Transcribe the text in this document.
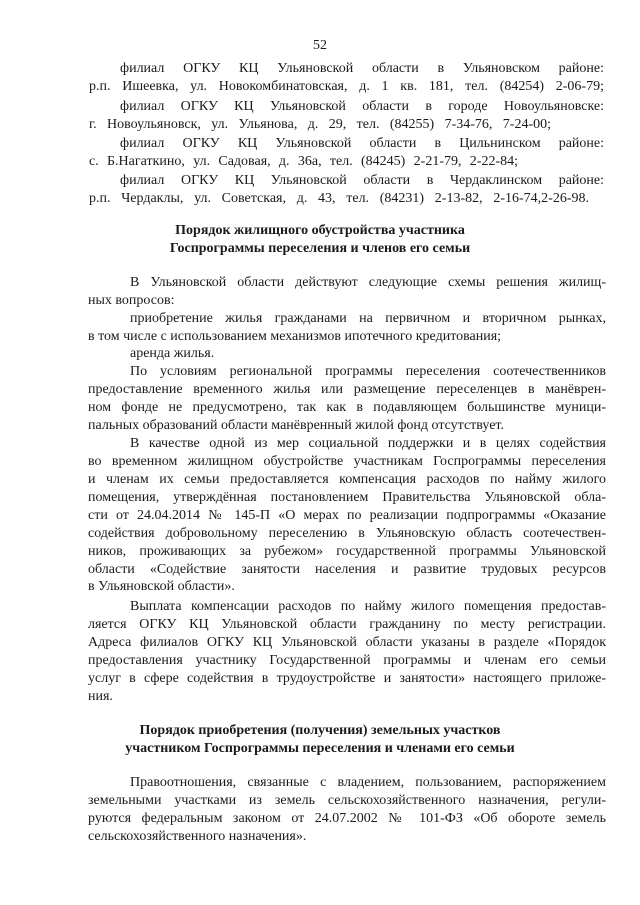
52
филиал ОГКУ КЦ Ульяновской области в Ульяновском районе:
р.п. Ишеевка, ул. Новокомбинатовская, д. 1 кв. 181, тел. (84254) 2-06-79;
филиал ОГКУ КЦ Ульяновской области в городе Новоульяновске:
г. Новоульяновск, ул. Ульянова, д. 29, тел. (84255) 7-34-76, 7-24-00;
филиал ОГКУ КЦ Ульяновской области в Цильнинском районе:
с. Б.Нагаткино, ул. Садовая, д. 36а, тел. (84245) 2-21-79, 2-22-84;
филиал ОГКУ КЦ Ульяновской области в Чердаклинском районе:
р.п. Чердаклы, ул. Советская, д. 43, тел. (84231) 2-13-82, 2-16-74,2-26-98.
Порядок жилищного обустройства участника
Госпрограммы переселения и членов его семьи
В Ульяновской области действуют следующие схемы решения жилищ-
ных вопросов:
приобретение жилья гражданами на первичном и вторичном рынках,
в том числе с использованием механизмов ипотечного кредитования;
аренда жилья.
По условиям региональной программы переселения соотечественников
предоставление временного жилья или размещение переселенцев в манёврен-
ном фонде не предусмотрено, так как в подавляющем большинстве муници-
пальных образований области манёвренный жилой фонд отсутствует.
В качестве одной из мер социальной поддержки и в целях содействия
во временном жилищном обустройстве участникам Госпрограммы переселения
и членам их семьи предоставляется компенсация расходов по найму жилого
помещения, утверждённая постановлением Правительства Ульяновской обла-
сти от 24.04.2014 № 145-П «О мерах по реализации подпрограммы «Оказание
содействия добровольному переселению в Ульяновскую область соотечествен-
ников, проживающих за рубежом» государственной программы Ульяновской
области «Содействие занятости населения и развитие трудовых ресурсов
в Ульяновской области».
Выплата компенсации расходов по найму жилого помещения предостав-
ляется ОГКУ КЦ Ульяновской области гражданину по месту регистрации.
Адреса филиалов ОГКУ КЦ Ульяновской области указаны в разделе «Порядок
предоставления участнику Государственной программы и членам его семьи
услуг в сфере содействия в трудоустройстве и занятости» настоящего приложе-
ния.
Порядок приобретения (получения) земельных участков
участником Госпрограммы переселения и членами его семьи
Правоотношения, связанные с владением, пользованием, распоряжением
земельными участками из земель сельскохозяйственного назначения, регули-
руются федеральным законом от 24.07.2002 № 101-ФЗ «Об обороте земель
сельскохозяйственного назначения».
